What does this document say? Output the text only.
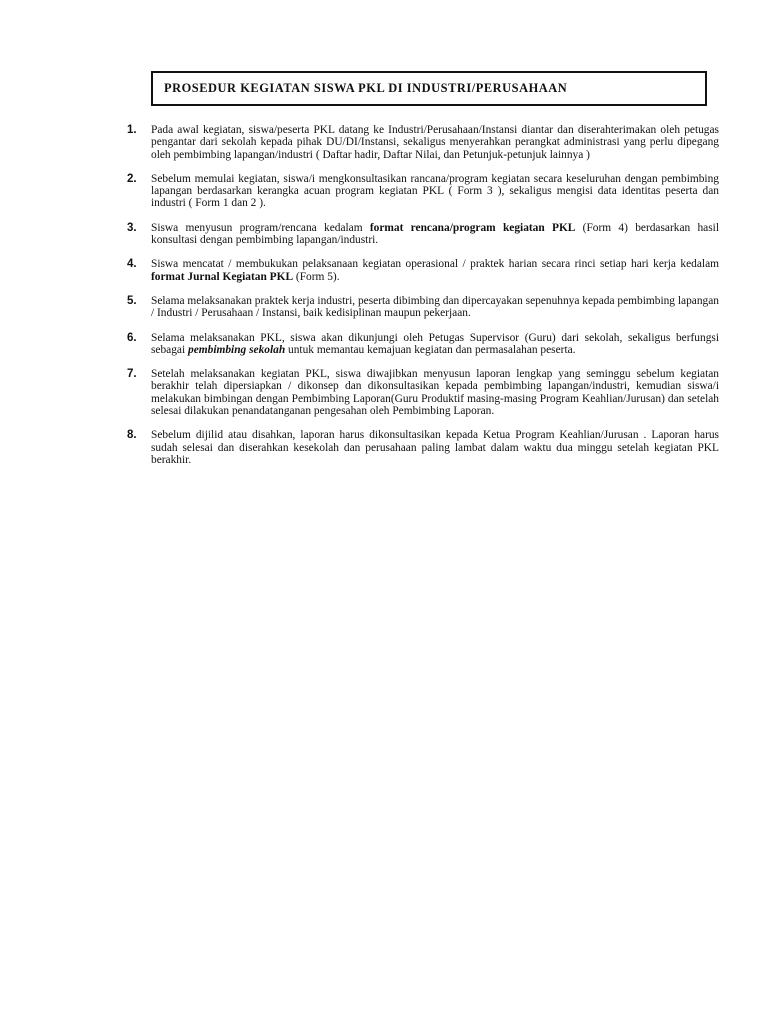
PROSEDUR KEGIATAN SISWA PKL DI INDUSTRI/PERUSAHAAN
1.	Pada awal kegiatan, siswa/peserta PKL datang ke Industri/Perusahaan/Instansi diantar dan diserahterimakan oleh petugas pengantar dari sekolah kepada pihak DU/DI/Instansi, sekaligus menyerahkan perangkat administrasi yang perlu dipegang oleh pembimbing lapangan/industri ( Daftar hadir, Daftar Nilai, dan Petunjuk-petunjuk lainnya )
2.	Sebelum memulai kegiatan, siswa/i mengkonsultasikan rancana/program kegiatan secara keseluruhan dengan pembimbing lapangan berdasarkan kerangka acuan program kegiatan PKL ( Form 3 ), sekaligus mengisi data identitas peserta dan industri ( Form 1 dan 2 ).
3.	Siswa menyusun program/rencana kedalam format rencana/program kegiatan PKL (Form 4) berdasarkan hasil konsultasi dengan pembimbing lapangan/industri.
4.	Siswa mencatat / membukukan pelaksanaan kegiatan operasional / praktek harian secara rinci setiap hari kerja kedalam format Jurnal Kegiatan PKL (Form 5).
5.	Selama melaksanakan praktek kerja industri, peserta dibimbing dan dipercayakan sepenuhnya kepada pembimbing lapangan / Industri / Perusahaan / Instansi, baik kedisiplinan maupun pekerjaan.
6.	Selama melaksanakan PKL, siswa akan dikunjungi oleh Petugas Supervisor (Guru) dari sekolah, sekaligus berfungsi sebagai pembimbing sekolah untuk memantau kemajuan kegiatan dan permasalahan peserta.
7.	Setelah melaksanakan kegiatan PKL, siswa diwajibkan menyusun laporan lengkap yang seminggu sebelum kegiatan berakhir telah dipersiapkan / dikonsep dan dikonsultasikan kepada pembimbing lapangan/industri, kemudian siswa/i melakukan bimbingan dengan Pembimbing Laporan(Guru Produktif masing-masing Program Keahlian/Jurusan) dan setelah selesai dilakukan penandatanganan pengesahan oleh Pembimbing Laporan.
8.	Sebelum dijilid atau disahkan, laporan harus dikonsultasikan kepada Ketua Program Keahlian/Jurusan . Laporan harus sudah selesai dan diserahkan kesekolah dan perusahaan paling lambat dalam waktu dua minggu setelah kegiatan PKL berakhir.
